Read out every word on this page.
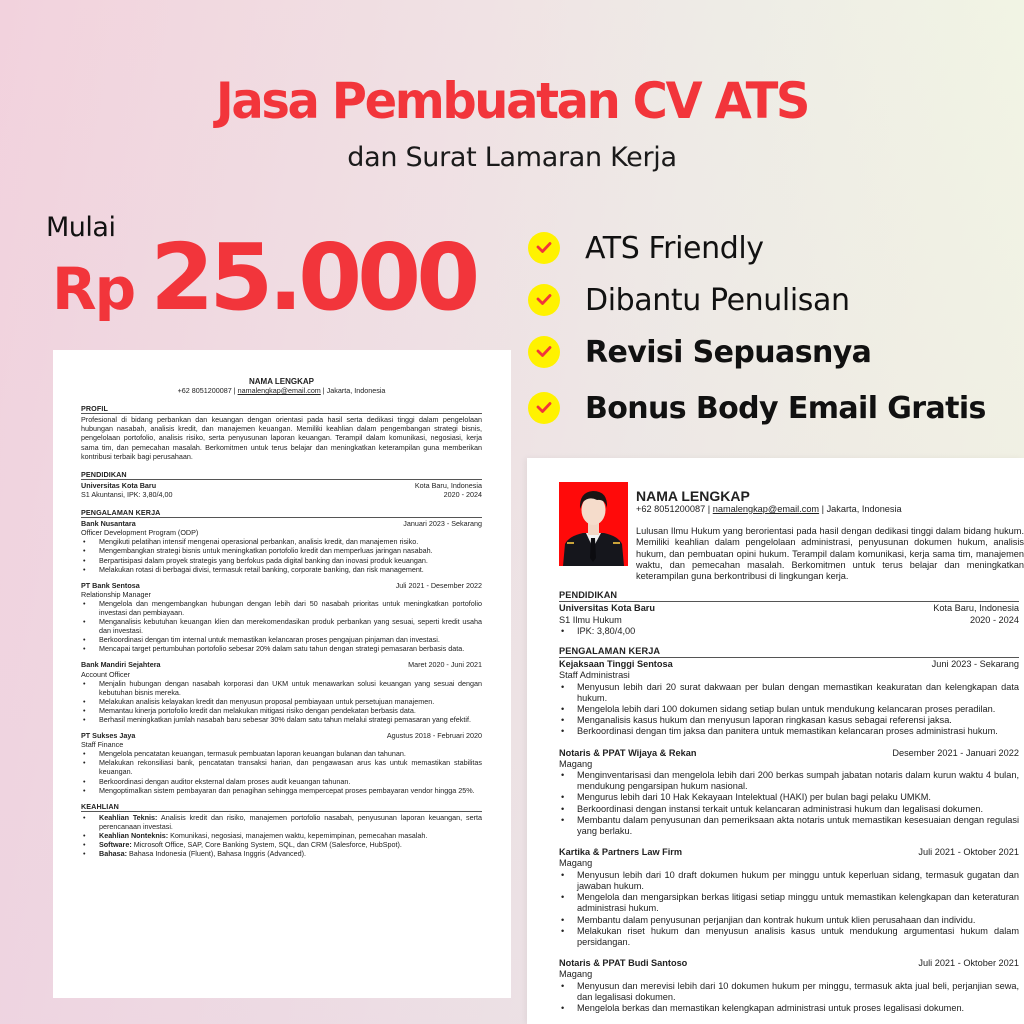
Jasa Pembuatan CV ATS
dan Surat Lamaran Kerja
Mulai
Rp 25.000	ATS Friendly
Dibantu Penulisan
Revisi Sepuasnya
Bonus Body Email Gratis
NAMA LENGKAP
+62 8051200087 | namalengkap@email.com | Jakarta, Indonesia
PROFIL
Profesional di bidang perbankan dan keuangan dengan orientasi pada hasil serta dedikasi tinggi dalam pengelolaan hubungan nasabah, analisis kredit, dan manajemen keuangan. Memiliki keahlian dalam pengembangan strategi bisnis, pengelolaan portofolio, analisis risiko, serta penyusunan laporan keuangan. Terampil dalam komunikasi, negosiasi, kerja sama tim, dan pemecahan masalah. Berkomitmen untuk terus belajar dan meningkatkan keterampilan guna memberikan kontribusi terbaik bagi perusahaan.
PENDIDIKAN
Universitas Kota Baru	Kota Baru, Indonesia
S1 Akuntansi, IPK: 3,80/4,00	2020 - 2024
PENGALAMAN KERJA
Bank Nusantara	Januari 2023 - Sekarang
Officer Development Program (ODP)
• Mengikuti pelatihan intensif mengenai operasional perbankan, analisis kredit, dan manajemen risiko.
• Mengembangkan strategi bisnis untuk meningkatkan portofolio kredit dan memperluas jaringan nasabah.
• Berpartisipasi dalam proyek strategis yang berfokus pada digital banking dan inovasi produk keuangan.
• Melakukan rotasi di berbagai divisi, termasuk retail banking, corporate banking, dan risk management.
PT Bank Sentosa	Juli 2021 - Desember 2022
Relationship Manager
• Mengelola dan mengembangkan hubungan dengan lebih dari 50 nasabah prioritas untuk meningkatkan portofolio investasi dan pembiayaan.
• Menganalisis kebutuhan keuangan klien dan merekomendasikan produk perbankan yang sesuai, seperti kredit usaha dan investasi.
• Berkoordinasi dengan tim internal untuk memastikan kelancaran proses pengajuan pinjaman dan investasi.
• Mencapai target pertumbuhan portofolio sebesar 20% dalam satu tahun dengan strategi pemasaran berbasis data.
Bank Mandiri Sejahtera	Maret 2020 - Juni 2021
Account Officer
• Menjalin hubungan dengan nasabah korporasi dan UKM untuk menawarkan solusi keuangan yang sesuai dengan kebutuhan bisnis mereka.
• Melakukan analisis kelayakan kredit dan menyusun proposal pembiayaan untuk persetujuan manajemen.
• Memantau kinerja portofolio kredit dan melakukan mitigasi risiko dengan pendekatan berbasis data.
• Berhasil meningkatkan jumlah nasabah baru sebesar 30% dalam satu tahun melalui strategi pemasaran yang efektif.
PT Sukses Jaya	Agustus 2018 - Februari 2020
Staff Finance
• Mengelola pencatatan keuangan, termasuk pembuatan laporan keuangan bulanan dan tahunan.
• Melakukan rekonsiliasi bank, pencatatan transaksi harian, dan pengawasan arus kas untuk memastikan stabilitas keuangan.
• Berkoordinasi dengan auditor eksternal dalam proses audit keuangan tahunan.
• Mengoptimalkan sistem pembayaran dan penagihan sehingga mempercepat proses pembayaran vendor hingga 25%.
KEAHLIAN
• Keahlian Teknis: Analisis kredit dan risiko, manajemen portofolio nasabah, penyusunan laporan keuangan, serta perencanaan investasi.
• Keahlian Nonteknis: Komunikasi, negosiasi, manajemen waktu, kepemimpinan, pemecahan masalah.
• Software: Microsoft Office, SAP, Core Banking System, SQL, dan CRM (Salesforce, HubSpot).
• Bahasa: Bahasa Indonesia (Fluent), Bahasa Inggris (Advanced).
NAMA LENGKAP
+62 8051200087 | namalengkap@email.com | Jakarta, Indonesia
Lulusan Ilmu Hukum yang berorientasi pada hasil dengan dedikasi tinggi dalam bidang hukum. Memiliki keahlian dalam pengelolaan administrasi, penyusunan dokumen hukum, analisis hukum, dan pembuatan opini hukum. Terampil dalam komunikasi, kerja sama tim, manajemen waktu, dan pemecahan masalah. Berkomitmen untuk terus belajar dan meningkatkan keterampilan guna berkontribusi di lingkungan kerja.
PENDIDIKAN
Universitas Kota Baru	Kota Baru, Indonesia
S1 Ilmu Hukum	2020 - 2024
• IPK: 3,80/4,00
PENGALAMAN KERJA
Kejaksaan Tinggi Sentosa	Juni 2023 - Sekarang
Staff Administrasi
• Menyusun lebih dari 20 surat dakwaan per bulan dengan memastikan keakuratan dan kelengkapan data hukum.
• Mengelola lebih dari 100 dokumen sidang setiap bulan untuk mendukung kelancaran proses peradilan.
• Menganalisis kasus hukum dan menyusun laporan ringkasan kasus sebagai referensi jaksa.
• Berkoordinasi dengan tim jaksa dan panitera untuk memastikan kelancaran proses administrasi hukum.
Notaris & PPAT Wijaya & Rekan	Desember 2021 - Januari 2022
Magang
• Menginventarisasi dan mengelola lebih dari 200 berkas sumpah jabatan notaris dalam kurun waktu 4 bulan, mendukung pengarsipan hukum nasional.
• Mengurus lebih dari 10 Hak Kekayaan Intelektual (HAKI) per bulan bagi pelaku UMKM.
• Berkoordinasi dengan instansi terkait untuk kelancaran administrasi hukum dan legalisasi dokumen.
• Membantu dalam penyusunan dan pemeriksaan akta notaris untuk memastikan kesesuaian dengan regulasi yang berlaku.
Kartika & Partners Law Firm	Juli 2021 - Oktober 2021
Magang
• Menyusun lebih dari 10 draft dokumen hukum per minggu untuk keperluan sidang, termasuk gugatan dan jawaban hukum.
• Mengelola dan mengarsipkan berkas litigasi setiap minggu untuk memastikan kelengkapan dan keteraturan administrasi hukum.
• Membantu dalam penyusunan perjanjian dan kontrak hukum untuk klien perusahaan dan individu.
• Melakukan riset hukum dan menyusun analisis kasus untuk mendukung argumentasi hukum dalam persidangan.
Notaris & PPAT Budi Santoso	Juli 2021 - Oktober 2021
Magang
• Menyusun dan merevisi lebih dari 10 dokumen hukum per minggu, termasuk akta jual beli, perjanjian sewa, dan legalisasi dokumen.
• Mengelola berkas dan memastikan kelengkapan administrasi untuk proses legalisasi dokumen.
